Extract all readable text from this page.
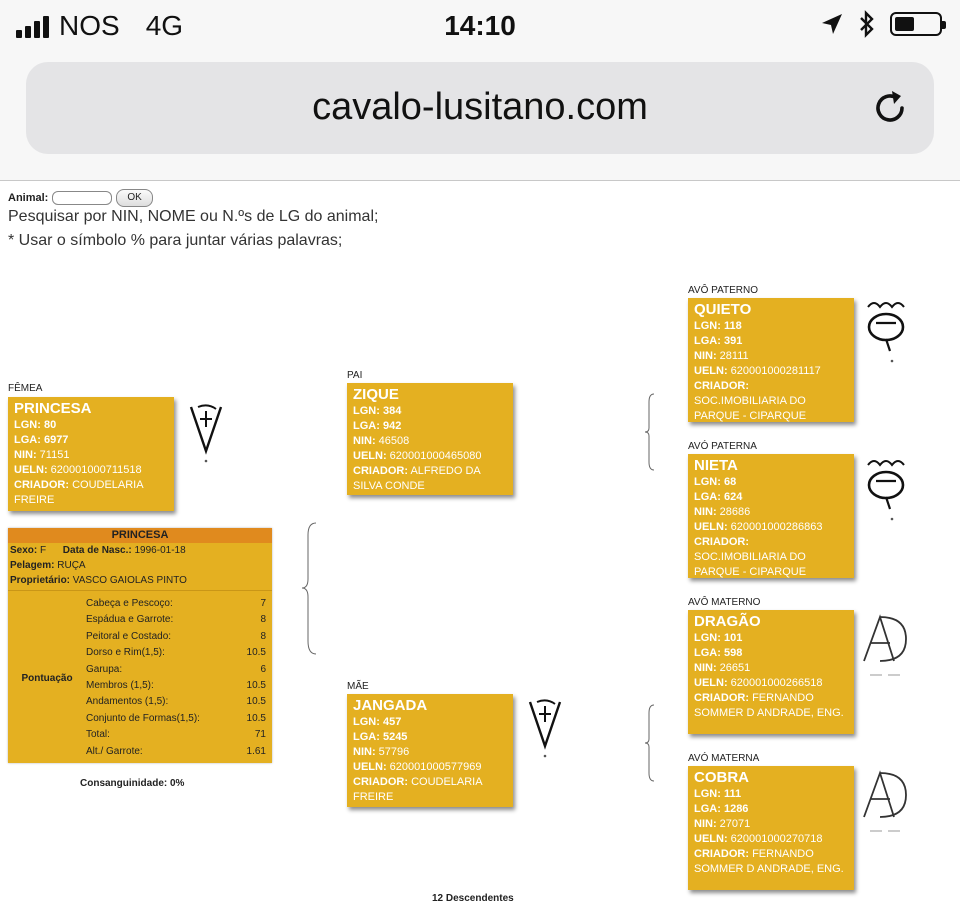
NOS 4G	14:10
cavalo-lusitano.com
Animal:	OK
Pesquisar por NIN, NOME ou N.ºs de LG do animal;
* Usar o símbolo % para juntar várias palavras;
FÊMEA
PRINCESA
LGN: 80
LGA: 6977
NIN: 71151
UELN: 620001000711518
CRIADOR: COUDELARIA FREIRE
PRINCESA
Sexo: F Data de Nasc.: 1996-01-18
Pelagem: RUÇA
Proprietário: VASCO GAIOLAS PINTO
Pontuação
Cabeça e Pescoço:	7
Espádua e Garrote:	8
Peitoral e Costado:	8
Dorso e Rim(1,5):	10.5
Garupa:	6
Membros (1,5):	10.5
Andamentos (1,5):	10.5
Conjunto de Formas(1,5):	10.5
Total:	71
Alt./ Garrote:	1.61
Consanguinidade: 0%
PAI
ZIQUE
LGN: 384
LGA: 942
NIN: 46508
UELN: 620001000465080
CRIADOR: ALFREDO DA SILVA CONDE
MÃE
JANGADA
LGN: 457
LGA: 5245
NIN: 57796
UELN: 620001000577969
CRIADOR: COUDELARIA FREIRE
AVÔ PATERNO
QUIETO
LGN: 118
LGA: 391
NIN: 28111
UELN: 620001000281117
CRIADOR:
SOC.IMOBILIARIA DO PARQUE - CIPARQUE
AVÓ PATERNA
NIETA
LGN: 68
LGA: 624
NIN: 28686
UELN: 620001000286863
CRIADOR:
SOC.IMOBILIARIA DO PARQUE - CIPARQUE
AVÔ MATERNO
DRAGÃO
LGN: 101
LGA: 598
NIN: 26651
UELN: 620001000266518
CRIADOR: FERNANDO SOMMER D ANDRADE, ENG.
AVÓ MATERNA
COBRA
LGN: 111
LGA: 1286
NIN: 27071
UELN: 620001000270718
CRIADOR: FERNANDO SOMMER D ANDRADE, ENG.
12 Descendentes
